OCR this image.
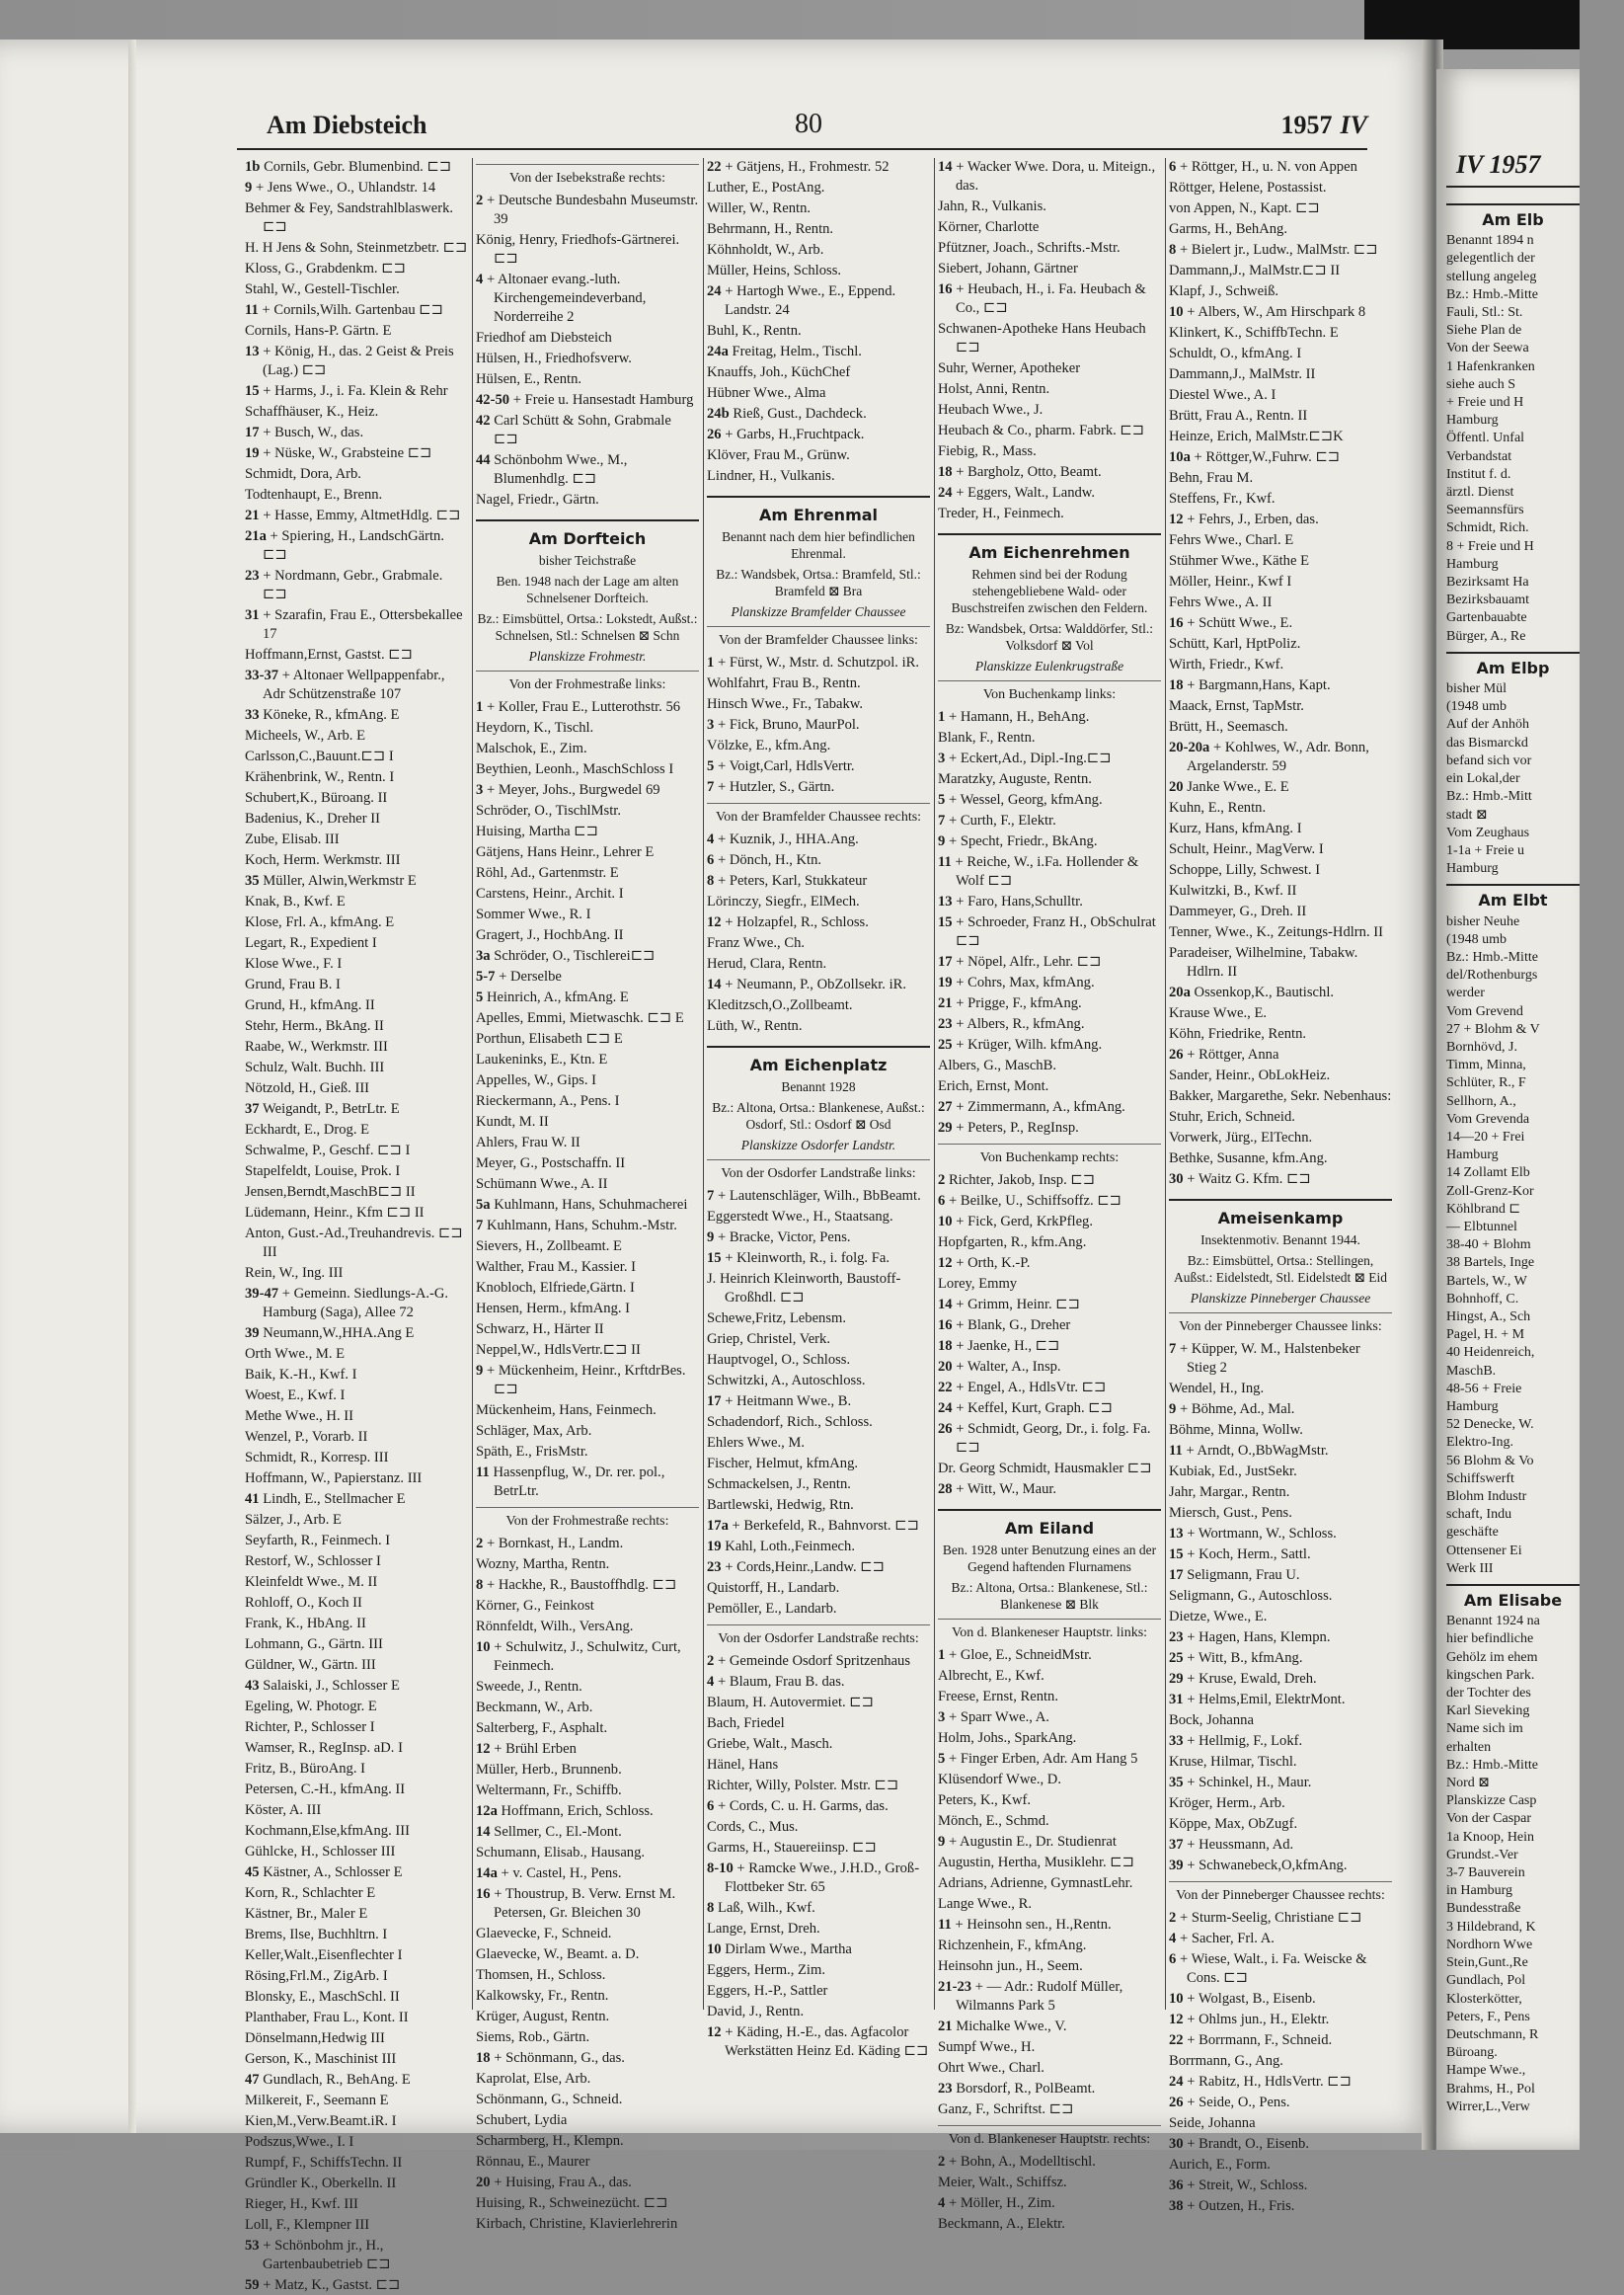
Am Diebsteich	80	1957 IV
1b Cornils, Gebr. Blumenbind. ⊏⊐
9 + Jens Wwe., O., Uhlandstr. 14
Behmer & Fey, Sandstrahlblaswerk. ⊏⊐
H. H Jens & Sohn, Steinmetzbetr. ⊏⊐
Kloss, G., Grabdenkm. ⊏⊐
Stahl, W., Gestell-Tischler.
11 + Cornils,Wilh. Gartenbau ⊏⊐
Cornils, Hans-P. Gärtn. E
13 + König, H., das. 2 Geist & Preis (Lag.) ⊏⊐
15 + Harms, J., i. Fa. Klein & Rehr
Schaffhäuser, K., Heiz.
17 + Busch, W., das.
19 + Nüske, W., Grabsteine ⊏⊐
Schmidt, Dora, Arb.
Todtenhaupt, E., Brenn.
21 + Hasse, Emmy, AltmetHdlg. ⊏⊐
21a + Spiering, H., LandschGärtn. ⊏⊐
23 + Nordmann, Gebr., Grabmale. ⊏⊐
31 + Szarafin, Frau E., Ottersbekallee 17
Hoffmann,Ernst, Gastst. ⊏⊐
33-37 + Altonaer Wellpappenfabr., Adr Schützenstraße 107
33 Köneke, R., kfmAng. E
Micheels, W., Arb. E
Carlsson,C.,Bauunt.⊏⊐ I
Krähenbrink, W., Rentn. I
Schubert,K., Büroang. II
Badenius, K., Dreher II
Zube, Elisab. III
Koch, Herm. Werkmstr. III
35 Müller, Alwin,Werkmstr E
Knak, B., Kwf. E
Klose, Frl. A., kfmAng. E
Legart, R., Expedient I
Klose Wwe., F. I
Grund, Frau B. I
Grund, H., kfmAng. II
Stehr, Herm., BkAng. II
Raabe, W., Werkmstr. III
Schulz, Walt. Buchh. III
Nötzold, H., Gieß. III
37 Weigandt, P., BetrLtr. E
Eckhardt, E., Drog. E
Schwalme, P., Geschf. ⊏⊐ I
Stapelfeldt, Louise, Prok. I
Jensen,Berndt,MaschB⊏⊐ II
Lüdemann, Heinr., Kfm ⊏⊐ II
Anton, Gust.-Ad.,Treuhandrevis. ⊏⊐ III
Rein, W., Ing. III
39-47 + Gemeinn. Siedlungs-A.-G. Hamburg (Saga), Allee 72
39 Neumann,W.,HHA.Ang E
Orth Wwe., M. E
Baik, K.-H., Kwf. I
Woest, E., Kwf. I
Methe Wwe., H. II
Wenzel, P., Vorarb. II
Schmidt, R., Korresp. III
Hoffmann, W., Papierstanz. III
41 Lindh, E., Stellmacher E
Sälzer, J., Arb. E
Seyfarth, R., Feinmech. I
Restorf, W., Schlosser I
Kleinfeldt Wwe., M. II
Rohloff, O., Koch II
Frank, K., HbAng. II
Lohmann, G., Gärtn. III
Güldner, W., Gärtn. III
43 Salaiski, J., Schlosser E
Egeling, W. Photogr. E
Richter, P., Schlosser I
Wamser, R., RegInsp. aD. I
Fritz, B., BüroAng. I
Petersen, C.-H., kfmAng. II
Köster, A. III
Kochmann,Else,kfmAng. III
Gühlcke, H., Schlosser III
45 Kästner, A., Schlosser E
Korn, R., Schlachter E
Kästner, Br., Maler E
Brems, Ilse, Buchhltrn. I
Keller,Walt.,Eisenflechter I
Rösing,Frl.M., ZigArb. I
Blonsky, E., MaschSchl. II
Planthaber, Frau L., Kont. II
Dönselmann,Hedwig III
Gerson, K., Maschinist III
47 Gundlach, R., BehAng. E
Milkereit, F., Seemann E
Kien,M.,Verw.Beamt.iR. I
Podszus,Wwe., I. I
Rumpf, F., SchiffsTechn. II
Gründler K., Oberkelln. II
Rieger, H., Kwf. III
Loll, F., Klempner III
53 + Schönbohm jr., H., Gartenbaubetrieb ⊏⊐
59 + Matz, K., Gastst. ⊏⊐
Von der Isebekstraße rechts:
2 + Deutsche Bundesbahn Museumstr. 39
König, Henry, Friedhofs-Gärtnerei. ⊏⊐
4 + Altonaer evang.-luth. Kirchengemeindeverband, Norderreihe 2
Friedhof am Diebsteich
Hülsen, H., Friedhofsverw.
Hülsen, E., Rentn.
42-50 + Freie u. Hansestadt Hamburg
42 Carl Schütt & Sohn, Grabmale ⊏⊐
44 Schönbohm Wwe., M., Blumenhdlg. ⊏⊐
Nagel, Friedr., Gärtn.
Am Dorfteich
bisher Teichstraße
Ben. 1948 nach der Lage am alten Schnelsener Dorfteich.
Bz.: Eimsbüttel, Ortsa.: Lokstedt, Außst.: Schnelsen, Stl.: Schnelsen ⊠ Schn
Planskizze Frohmestr.
Von der Frohmestraße links:
1 + Koller, Frau E., Lutterothstr. 56
Heydorn, K., Tischl.
Malschok, E., Zim.
Beythien, Leonh., MaschSchloss I
3 + Meyer, Johs., Burgwedel 69
Schröder, O., TischlMstr.
Huising, Martha ⊏⊐
Gätjens, Hans Heinr., Lehrer E
Röhl, Ad., Gartenmstr. E
Carstens, Heinr., Archit. I
Sommer Wwe., R. I
Gragert, J., HochbAng. II
3a Schröder, O., Tischlerei⊏⊐
5-7 + Derselbe
5 Heinrich, A., kfmAng. E
Apelles, Emmi, Mietwaschk. ⊏⊐ E
Porthun, Elisabeth ⊏⊐ E
Laukeninks, E., Ktn. E
Appelles, W., Gips. I
Rieckermann, A., Pens. I
Kundt, M. II
Ahlers, Frau W. II
Meyer, G., Postschaffn. II
Schümann Wwe., A. II
5a Kuhlmann, Hans, Schuhmacherei
7 Kuhlmann, Hans, Schuhm.-Mstr.
Sievers, H., Zollbeamt. E
Walther, Frau M., Kassier. I
Knobloch, Elfriede,Gärtn. I
Hensen, Herm., kfmAng. I
Schwarz, H., Härter II
Neppel,W., HdlsVertr.⊏⊐ II
9 + Mückenheim, Heinr., KrftdrBes. ⊏⊐
Mückenheim, Hans, Feinmech.
Schläger, Max, Arb.
Späth, E., FrisMstr.
11 Hassenpflug, W., Dr. rer. pol., BetrLtr.
Von der Frohmestraße rechts:
2 + Bornkast, H., Landm.
Wozny, Martha, Rentn.
8 + Hackhe, R., Baustoffhdlg. ⊏⊐
Körner, G., Feinkost
Rönnfeldt, Wilh., VersAng.
10 + Schulwitz, J., Schulwitz, Curt, Feinmech.
Sweede, J., Rentn.
Beckmann, W., Arb.
Salterberg, F., Asphalt.
12 + Brühl Erben
Müller, Herb., Brunnenb.
Weltermann, Fr., Schiffb.
12a Hoffmann, Erich, Schloss.
14 Sellmer, C., El.-Mont.
Schumann, Elisab., Hausang.
14a + v. Castel, H., Pens.
16 + Thoustrup, B. Verw. Ernst M. Petersen, Gr. Bleichen 30
Glaevecke, F., Schneid.
Glaevecke, W., Beamt. a. D.
Thomsen, H., Schloss.
Kalkowsky, Fr., Rentn.
Krüger, August, Rentn.
Siems, Rob., Gärtn.
18 + Schönmann, G., das.
Kaprolat, Else, Arb.
Schönmann, G., Schneid.
Schubert, Lydia
Scharmberg, H., Klempn.
Rönnau, E., Maurer
20 + Huising, Frau A., das.
Huising, R., Schweinezücht. ⊏⊐
Kirbach, Christine, Klavierlehrerin
22 + Gätjens, H., Frohmestr. 52
Luther, E., PostAng.
Willer, W., Rentn.
Behrmann, H., Rentn.
Köhnholdt, W., Arb.
Müller, Heins, Schloss.
24 + Hartogh Wwe., E., Eppend. Landstr. 24
Buhl, K., Rentn.
24a Freitag, Helm., Tischl.
Knauffs, Joh., KüchChef
Hübner Wwe., Alma
24b Rieß, Gust., Dachdeck.
26 + Garbs, H.,Fruchtpack.
Klöver, Frau M., Grünw.
Lindner, H., Vulkanis.
Am Ehrenmal
Benannt nach dem hier befindlichen Ehrenmal.
Bz.: Wandsbek, Ortsa.: Bramfeld, Stl.: Bramfeld ⊠ Bra
Planskizze Bramfelder Chaussee
Von der Bramfelder Chaussee links:
1 + Fürst, W., Mstr. d. Schutzpol. iR.
Wohlfahrt, Frau B., Rentn.
Hinsch Wwe., Fr., Tabakw.
3 + Fick, Bruno, MaurPol.
Völzke, E., kfm.Ang.
5 + Voigt,Carl, HdlsVertr.
7 + Hutzler, S., Gärtn.
Von der Bramfelder Chaussee rechts:
4 + Kuznik, J., HHA.Ang.
6 + Dönch, H., Ktn.
8 + Peters, Karl, Stukkateur
Lörinczy, Siegfr., ElMech.
12 + Holzapfel, R., Schloss.
Franz Wwe., Ch.
Herud, Clara, Rentn.
14 + Neumann, P., ObZollsekr. iR.
Kleditzsch,O.,Zollbeamt.
Lüth, W., Rentn.
Am Eichenplatz
Benannt 1928
Bz.: Altona, Ortsa.: Blankenese, Außst.: Osdorf, Stl.: Osdorf ⊠ Osd
Planskizze Osdorfer Landstr.
Von der Osdorfer Landstraße links:
7 + Lautenschläger, Wilh., BbBeamt.
Eggerstedt Wwe., H., Staatsang.
9 + Bracke, Victor, Pens.
15 + Kleinworth, R., i. folg. Fa.
J. Heinrich Kleinworth, Baustoff-Großhdl. ⊏⊐
Schewe,Fritz, Lebensm.
Griep, Christel, Verk.
Hauptvogel, O., Schloss.
Schwitzki, A., Autoschloss.
17 + Heitmann Wwe., B.
Schadendorf, Rich., Schloss.
Ehlers Wwe., M.
Fischer, Helmut, kfmAng.
Schmackelsen, J., Rentn.
Bartlewski, Hedwig, Rtn.
17a + Berkefeld, R., Bahnvorst. ⊏⊐
19 Kahl, Loth.,Feinmech.
23 + Cords,Heinr.,Landw. ⊏⊐
Quistorff, H., Landarb.
Pemöller, E., Landarb.
Von der Osdorfer Landstraße rechts:
2 + Gemeinde Osdorf Spritzenhaus
4 + Blaum, Frau B. das.
Blaum, H. Autovermiet. ⊏⊐
Bach, Friedel
Griebe, Walt., Masch.
Hänel, Hans
Richter, Willy, Polster. Mstr. ⊏⊐
6 + Cords, C. u. H. Garms, das.
Cords, C., Mus.
Garms, H., Stauereiinsp. ⊏⊐
8-10 + Ramcke Wwe., J.H.D., Groß-Flottbeker Str. 65
8 Laß, Wilh., Kwf.
Lange, Ernst, Dreh.
10 Dirlam Wwe., Martha
Eggers, Herm., Zim.
Eggers, H.-P., Sattler
David, J., Rentn.
12 + Käding, H.-E., das. Agfacolor Werkstätten Heinz Ed. Käding ⊏⊐
14 + Wacker Wwe. Dora, u. Miteign., das.
Jahn, R., Vulkanis.
Körner, Charlotte
Pfützner, Joach., Schrifts.-Mstr.
Siebert, Johann, Gärtner
16 + Heubach, H., i. Fa. Heubach & Co., ⊏⊐
Schwanen-Apotheke Hans Heubach ⊏⊐
Suhr, Werner, Apotheker
Holst, Anni, Rentn.
Heubach Wwe., J.
Heubach & Co., pharm. Fabrk. ⊏⊐
Fiebig, R., Mass.
18 + Bargholz, Otto, Beamt.
24 + Eggers, Walt., Landw.
Treder, H., Feinmech.
Am Eichenrehmen
Rehmen sind bei der Rodung stehengebliebene Wald- oder Buschstreifen zwischen den Feldern.
Bz: Wandsbek, Ortsa: Walddörfer, Stl.: Volksdorf ⊠ Vol
Planskizze Eulenkrugstraße
Von Buchenkamp links:
1 + Hamann, H., BehAng.
Blank, F., Rentn.
3 + Eckert,Ad., Dipl.-Ing.⊏⊐
Maratzky, Auguste, Rentn.
5 + Wessel, Georg, kfmAng.
7 + Curth, F., Elektr.
9 + Specht, Friedr., BkAng.
11 + Reiche, W., i.Fa. Hollender & Wolf ⊏⊐
13 + Faro, Hans,Schulltr.
15 + Schroeder, Franz H., ObSchulrat ⊏⊐
17 + Nöpel, Alfr., Lehr. ⊏⊐
19 + Cohrs, Max, kfmAng.
21 + Prigge, F., kfmAng.
23 + Albers, R., kfmAng.
25 + Krüger, Wilh. kfmAng.
Albers, G., MaschB.
Erich, Ernst, Mont.
27 + Zimmermann, A., kfmAng.
29 + Peters, P., RegInsp.
Von Buchenkamp rechts:
2 Richter, Jakob, Insp. ⊏⊐
6 + Beilke, U., Schiffsoffz. ⊏⊐
10 + Fick, Gerd, KrkPfleg.
Hopfgarten, R., kfm.Ang.
12 + Orth, K.-P.
Lorey, Emmy
14 + Grimm, Heinr. ⊏⊐
16 + Blank, G., Dreher
18 + Jaenke, H., ⊏⊐
20 + Walter, A., Insp.
22 + Engel, A., HdlsVtr. ⊏⊐
24 + Keffel, Kurt, Graph. ⊏⊐
26 + Schmidt, Georg, Dr., i. folg. Fa. ⊏⊐
Dr. Georg Schmidt, Hausmakler ⊏⊐
28 + Witt, W., Maur.
Am Eiland
Ben. 1928 unter Benutzung eines an der Gegend haftenden Flurnamens
Bz.: Altona, Ortsa.: Blankenese, Stl.: Blankenese ⊠ Blk
Von d. Blankeneser Hauptstr. links:
1 + Gloe, E., SchneidMstr.
Albrecht, E., Kwf.
Freese, Ernst, Rentn.
3 + Sparr Wwe., A.
Holm, Johs., SparkAng.
5 + Finger Erben, Adr. Am Hang 5
Klüsendorf Wwe., D.
Peters, K., Kwf.
Mönch, E., Schmd.
9 + Augustin E., Dr. Studienrat
Augustin, Hertha, Musiklehr. ⊏⊐
Adrians, Adrienne, GymnastLehr.
Lange Wwe., R.
11 + Heinsohn sen., H.,Rentn.
Richzenhein, F., kfmAng.
Heinsohn jun., H., Seem.
21-23 + — Adr.: Rudolf Müller, Wilmanns Park 5
21 Michalke Wwe., V.
Sumpf Wwe., H.
Ohrt Wwe., Charl.
23 Borsdorf, R., PolBeamt.
Ganz, F., Schriftst. ⊏⊐
Von d. Blankeneser Hauptstr. rechts:
2 + Bohn, A., Modelltischl.
Meier, Walt., Schiffsz.
4 + Möller, H., Zim.
Beckmann, A., Elektr.
6 + Röttger, H., u. N. von Appen
Röttger, Helene, Postassist.
von Appen, N., Kapt. ⊏⊐
Garms, H., BehAng.
8 + Bielert jr., Ludw., MalMstr. ⊏⊐
Dammann,J., MalMstr.⊏⊐ II
Klapf, J., Schweiß.
10 + Albers, W., Am Hirschpark 8
Klinkert, K., SchiffbTechn. E
Schuldt, O., kfmAng. I
Dammann,J., MalMstr. II
Diestel Wwe., A. I
Brütt, Frau A., Rentn. II
Heinze, Erich, MalMstr.⊏⊐K
10a + Röttger,W.,Fuhrw. ⊏⊐
Behn, Frau M.
Steffens, Fr., Kwf.
12 + Fehrs, J., Erben, das.
Fehrs Wwe., Charl. E
Stühmer Wwe., Käthe E
Möller, Heinr., Kwf I
Fehrs Wwe., A. II
16 + Schütt Wwe., E.
Schütt, Karl, HptPoliz.
Wirth, Friedr., Kwf.
18 + Bargmann,Hans, Kapt.
Maack, Ernst, TapMstr.
Brütt, H., Seemasch.
20-20a + Kohlwes, W., Adr. Bonn, Argelanderstr. 59
20 Janke Wwe., E. E
Kuhn, E., Rentn.
Kurz, Hans, kfmAng. I
Schult, Heinr., MagVerw. I
Schoppe, Lilly, Schwest. I
Kulwitzki, B., Kwf. II
Dammeyer, G., Dreh. II
Tenner, Wwe., K., Zeitungs-Hdlrn. II
Paradeiser, Wilhelmine, Tabakw. Hdlrn. II
20a Ossenkop,K., Bautischl.
Krause Wwe., E.
Köhn, Friedrike, Rentn.
26 + Röttger, Anna
Sander, Heinr., ObLokHeiz.
Bakker, Margarethe, Sekr. Nebenhaus:
Stuhr, Erich, Schneid.
Vorwerk, Jürg., ElTechn.
Bethke, Susanne, kfm.Ang.
30 + Waitz G. Kfm. ⊏⊐
Ameisenkamp
Insektenmotiv. Benannt 1944.
Bz.: Eimsbüttel, Ortsa.: Stellingen, Außst.: Eidelstedt, Stl. Eidelstedt ⊠ Eid
Planskizze Pinneberger Chaussee
Von der Pinneberger Chaussee links:
7 + Küpper, W. M., Halstenbeker Stieg 2
Wendel, H., Ing.
9 + Böhme, Ad., Mal.
Böhme, Minna, Wollw.
11 + Arndt, O.,BbWagMstr.
Kubiak, Ed., JustSekr.
Jahr, Margar., Rentn.
Miersch, Gust., Pens.
13 + Wortmann, W., Schloss.
15 + Koch, Herm., Sattl.
17 Seligmann, Frau U.
Seligmann, G., Autoschloss.
Dietze, Wwe., E.
23 + Hagen, Hans, Klempn.
25 + Witt, B., kfmAng.
29 + Kruse, Ewald, Dreh.
31 + Helms,Emil, ElektrMont.
Bock, Johanna
33 + Hellmig, F., Lokf.
Kruse, Hilmar, Tischl.
35 + Schinkel, H., Maur.
Kröger, Herm., Arb.
Köppe, Max, ObZugf.
37 + Heussmann, Ad.
39 + Schwanebeck,O,kfmAng.
Von der Pinneberger Chaussee rechts:
2 + Sturm-Seelig, Christiane ⊏⊐
4 + Sacher, Frl. A.
6 + Wiese, Walt., i. Fa. Weiscke & Cons. ⊏⊐
10 + Wolgast, B., Eisenb.
12 + Ohlms jun., H., Elektr.
22 + Borrmann, F., Schneid.
Borrmann, G., Ang.
24 + Rabitz, H., HdlsVertr. ⊏⊐
26 + Seide, O., Pens.
Seide, Johanna
30 + Brandt, O., Eisenb.
Aurich, E., Form.
36 + Streit, W., Schloss.
38 + Outzen, H., Fris.
IV 1957
Am Elb
Benannt 1894 n
gelegentlich der
stellung angeleg
Bz.: Hmb.-Mitte
Fauli, Stl.: St.
Siehe Plan de
Von der Seewa
1 Hafenkranken
siehe auch S
+ Freie und H
Hamburg
Öffentl. Unfal
Verbandstat
Institut f. d.
ärztl. Dienst
Seemannsfürs
Schmidt, Rich.
8 + Freie und H
Hamburg
Bezirksamt Ha
Bezirksbauamt
Gartenbauabte
Bürger, A., Re
Am Elbp
bisher Mül
(1948 umb
Auf der Anhöh
das Bismarckd
befand sich vor
ein Lokal,der
Bz.: Hmb.-Mitt
stadt ⊠
Vom Zeughaus
1-1a + Freie u
Hamburg
Am Elbt
bisher Neuhe
(1948 umb
Bz.: Hmb.-Mitte
del/Rothenburgs
werder
Vom Grevend
27 + Blohm & V
Bornhövd, J.
Timm, Minna,
Schlüter, R., F
Sellhorn, A.,
Vom Grevenda
14—20 + Frei
Hamburg
14 Zollamt Elb
Zoll-Grenz-Kor
Köhlbrand ⊏
— Elbtunnel
38-40 + Blohm
38 Bartels, Inge
Bartels, W., W
Bohnhoff, C.
Hingst, A., Sch
Pagel, H. + M
40 Heidenreich,
MaschB.
48-56 + Freie
Hamburg
52 Denecke, W.
Elektro-Ing.
56 Blohm & Vo
Schiffswerft
Blohm Industr
schaft, Indu
geschäfte
Ottensener Ei
Werk III
Am Elisabe
Benannt 1924 na
hier befindliche
Gehölz im ehem
kingschen Park.
der Tochter des
Karl Sieveking
Name sich im
erhalten
Bz.: Hmb.-Mitte
Nord ⊠
Planskizze Casp
Von der Caspar
1a Knoop, Hein
Grundst.-Ver
3-7 Bauverein
in Hamburg
Bundesstraße
3 Hildebrand, K
Nordhorn Wwe
Stein,Gunt.,Re
Gundlach, Pol
Klosterkötter,
Peters, F., Pens
Deutschmann, R
Büroang.
Hampe Wwe.,
Brahms, H., Pol
Wirrer,L.,Verw
